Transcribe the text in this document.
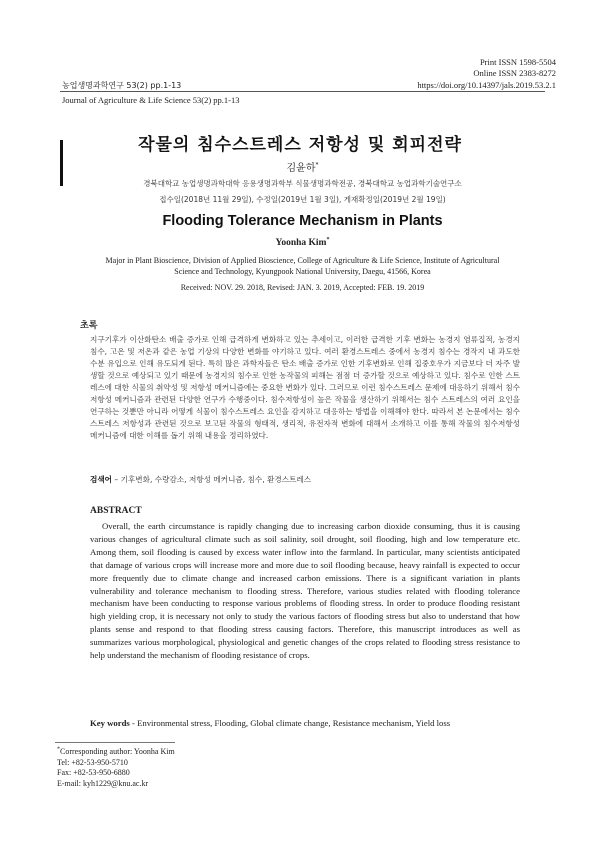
Print ISSN 1598-5504
Online ISSN 2383-8272
농업생명과학연구 53(2) pp.1-13	https://doi.org/10.14397/jals.2019.53.2.1
Journal of Agriculture & Life Science 53(2) pp.1-13
작물의 침수스트레스 저항성 및 회피전략
김윤하*
경북대학교 농업생명과학대학 응용생명과학부 식물생명과학전공, 경북대학교 농업과학기술연구소
접수일(2018년 11월 29일), 수정일(2019년 1월 3일), 게재확정일(2019년 2월 19일)
Flooding Tolerance Mechanism in Plants
Yoonha Kim*
Major in Plant Bioscience, Division of Applied Bioscience, College of Agriculture & Life Science, Institute of Agricultural Science and Technology, Kyungpook National University, Daegu, 41566, Korea
Received: NOV. 29. 2018, Revised: JAN. 3. 2019, Accepted: FEB. 19. 2019
초록
지구기후가 이산화탄소 배출 증가로 인해 급격하게 변화하고 있는 추세이고, 이러한 급격한 기후 변화는 농경지 염류집적, 농경지 침수, 고온 및 저온과 같은 농업 기상의 다양한 변화를 야기하고 있다. 여러 환경스트레스 중에서 농경지 침수는 경작지 내 과도한 수분 유입으로 인해 유도되게 된다. 특히 많은 과학자들은 탄소 배출 증가로 인한 기후변화로 인해 집중호우가 지금보다 더 자주 발생할 것으로 예상되고 있기 때문에 농경지의 침수로 인한 농작물의 피해는 점점 더 증가할 것으로 예상하고 있다. 침수로 인한 스트레스에 대한 식물의 취약성 및 저항성 메커니즘에는 중요한 변화가 있다. 그러므로 이런 침수스트레스 문제에 대응하기 위해서 침수저항성 메커니즘과 관련된 다양한 연구가 수행중이다. 침수저항성이 높은 작물을 생산하기 위해서는 침수 스트레스의 여러 요인을 연구하는 것뿐만 아니라 어떻게 식물이 침수스트레스 요인을 감지하고 대응하는 방법을 이해해야 한다. 따라서 본 논문에서는 침수스트레스 저항성과 관련된 것으로 보고된 작물의 형태적, 생리적, 유전자적 변화에 대해서 소개하고 이를 통해 작물의 침수저항성 메커니즘에 대한 이해를 돕기 위해 내용을 정리하였다.
검색어 – 기후변화, 수량감소, 저항성 메커니즘, 침수, 환경스트레스
ABSTRACT
Overall, the earth circumstance is rapidly changing due to increasing carbon dioxide consuming, thus it is causing various changes of agricultural climate such as soil salinity, soil drought, soil flooding, high and low temperature etc. Among them, soil flooding is caused by excess water inflow into the farmland. In particular, many scientists anticipated that damage of various crops will increase more and more due to soil flooding because, heavy rainfall is expected to occur more frequently due to climate change and increased carbon emissions. There is a significant variation in plants vulnerability and tolerance mechanism to flooding stress. Therefore, various studies related with flooding tolerance mechanism have been conducting to response various problems of flooding stress. In order to produce flooding resistant high yielding crop, it is necessary not only to study the various factors of flooding stress but also to understand that how plants sense and respond to that flooding stress causing factors. Therefore, this manuscript introduces as well as summarizes various morphological, physiological and genetic changes of the crops related to flooding stress resistance to help understand the mechanism of flooding resistance of crops.
Key words - Environmental stress, Flooding, Global climate change, Resistance mechanism, Yield loss
*Corresponding author: Yoonha Kim
Tel: +82-53-950-5710
Fax: +82-53-950-6880
E-mail: kyh1229@knu.ac.kr
